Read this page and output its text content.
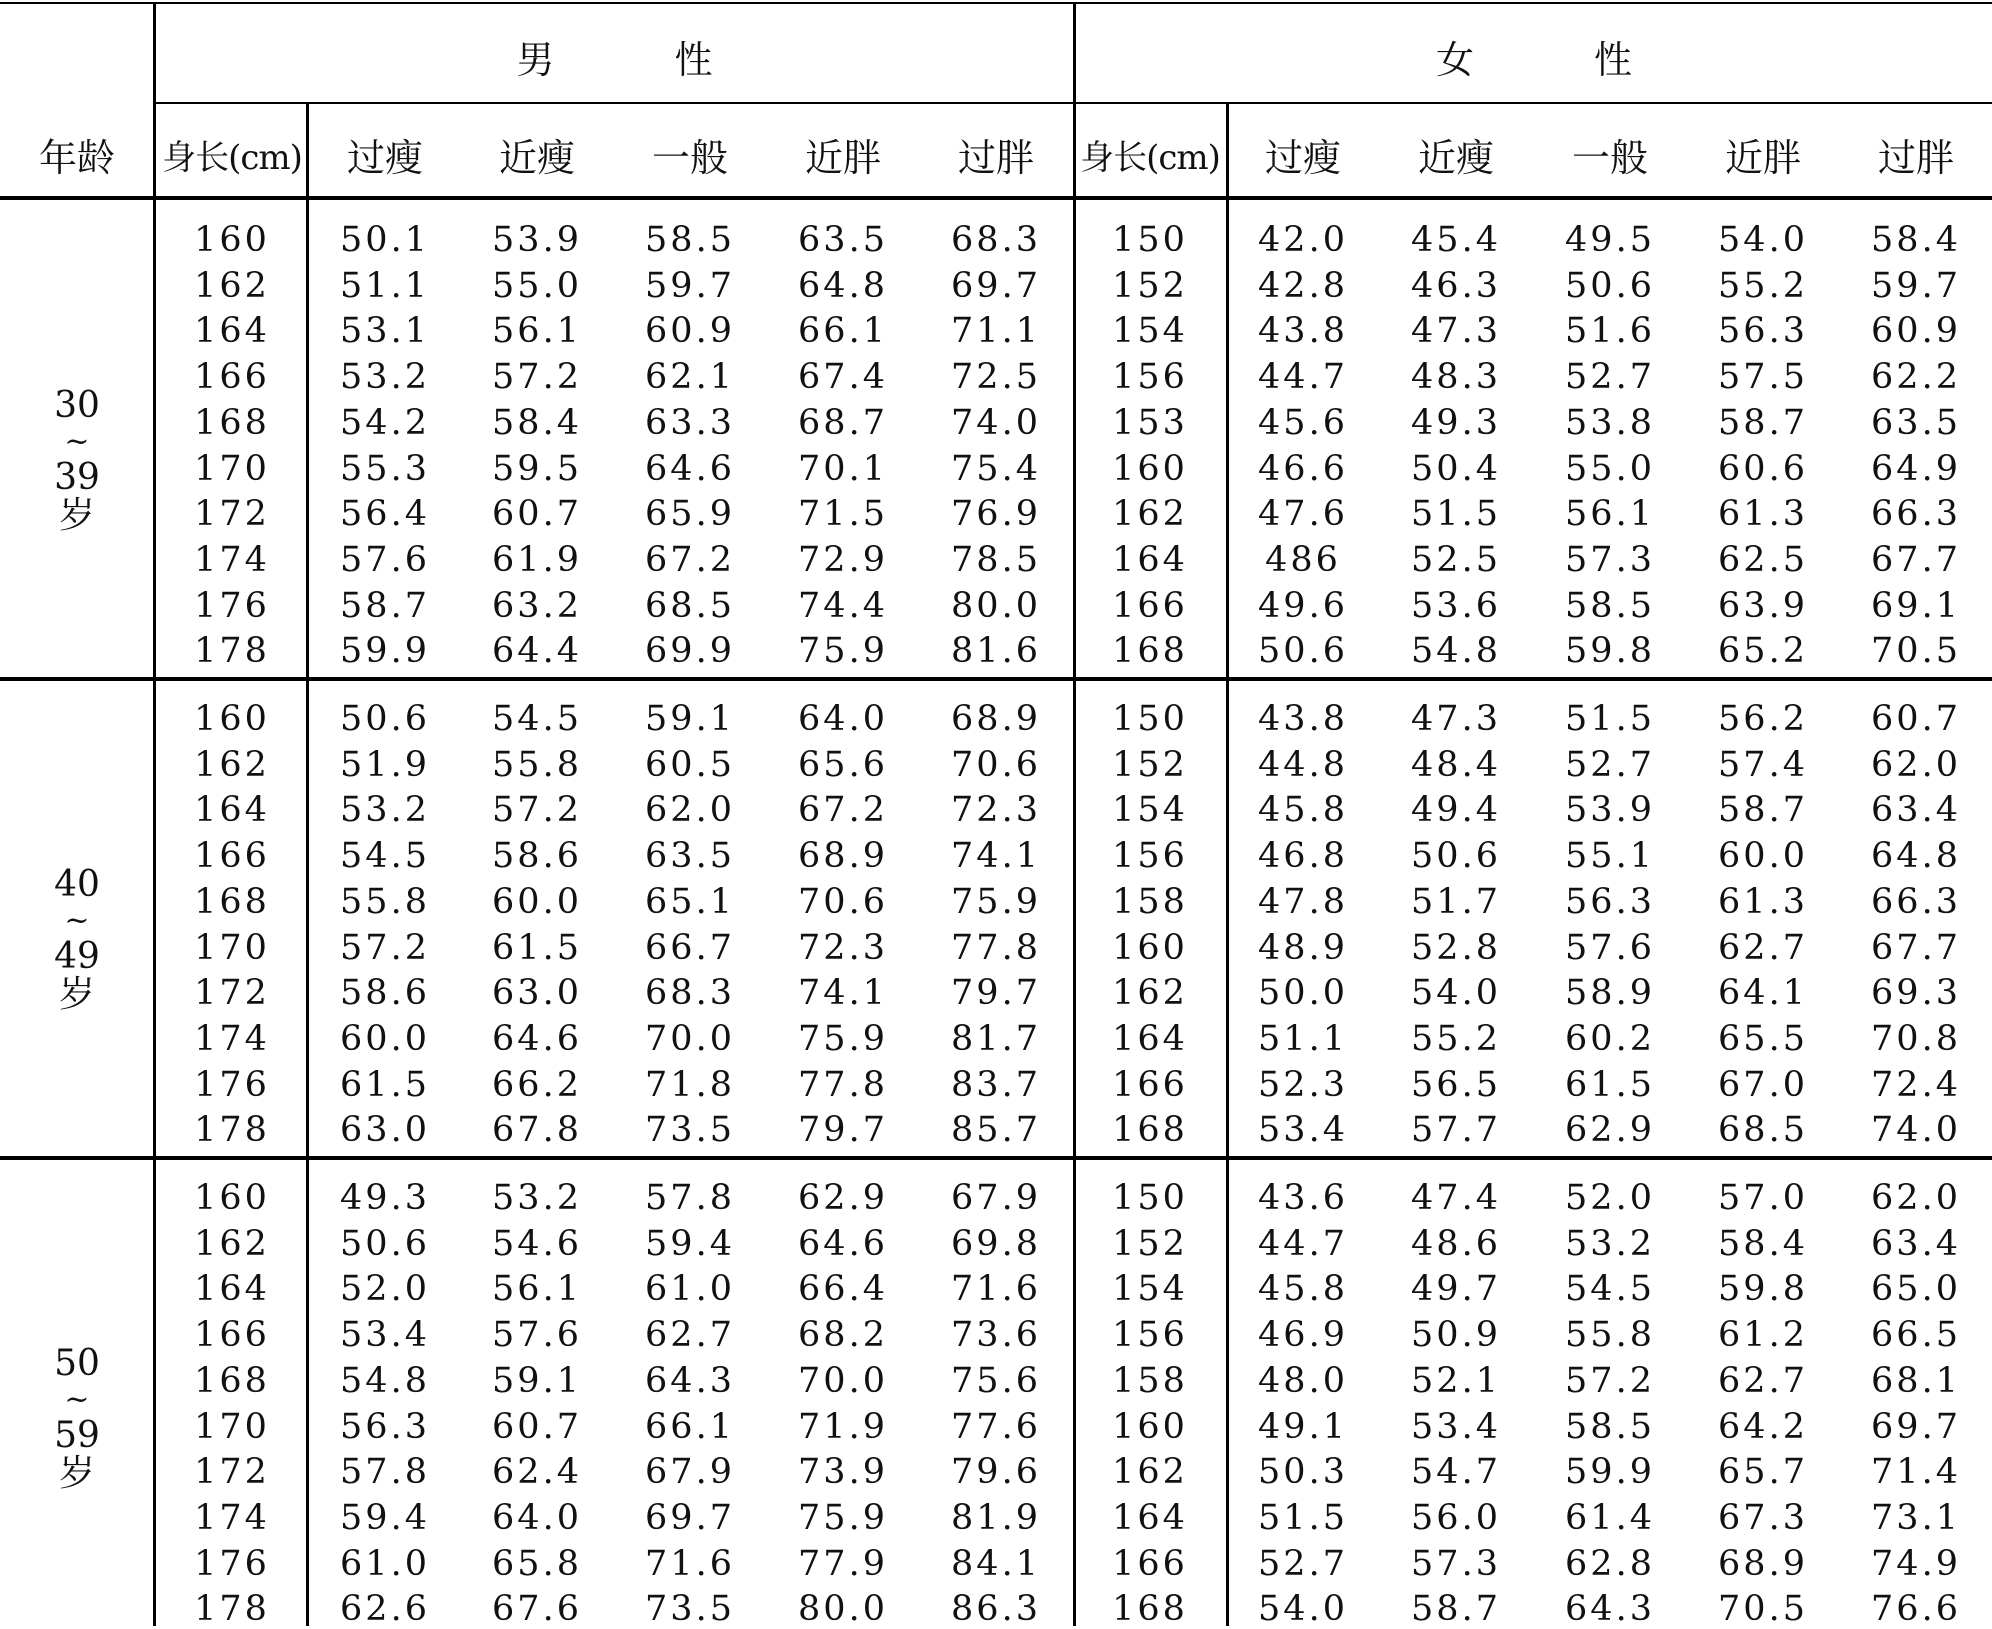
男	性	女	性
年龄	身长(cm)	过瘦	近瘦	一般	近胖	过胖	身长(cm)	过瘦	近瘦	一般	近胖	过胖
30
~
39
岁
160	50.1	53.9	58.5	63.5	68.3	150	42.0	45.4	49.5	54.0	58.4
162	51.1	55.0	59.7	64.8	69.7	152	42.8	46.3	50.6	55.2	59.7
164	53.1	56.1	60.9	66.1	71.1	154	43.8	47.3	51.6	56.3	60.9
166	53.2	57.2	62.1	67.4	72.5	156	44.7	48.3	52.7	57.5	62.2
168	54.2	58.4	63.3	68.7	74.0	153	45.6	49.3	53.8	58.7	63.5
170	55.3	59.5	64.6	70.1	75.4	160	46.6	50.4	55.0	60.6	64.9
172	56.4	60.7	65.9	71.5	76.9	162	47.6	51.5	56.1	61.3	66.3
174	57.6	61.9	67.2	72.9	78.5	164	486	52.5	57.3	62.5	67.7
176	58.7	63.2	68.5	74.4	80.0	166	49.6	53.6	58.5	63.9	69.1
178	59.9	64.4	69.9	75.9	81.6	168	50.6	54.8	59.8	65.2	70.5
40
~
49
岁
160	50.6	54.5	59.1	64.0	68.9	150	43.8	47.3	51.5	56.2	60.7
162	51.9	55.8	60.5	65.6	70.6	152	44.8	48.4	52.7	57.4	62.0
164	53.2	57.2	62.0	67.2	72.3	154	45.8	49.4	53.9	58.7	63.4
166	54.5	58.6	63.5	68.9	74.1	156	46.8	50.6	55.1	60.0	64.8
168	55.8	60.0	65.1	70.6	75.9	158	47.8	51.7	56.3	61.3	66.3
170	57.2	61.5	66.7	72.3	77.8	160	48.9	52.8	57.6	62.7	67.7
172	58.6	63.0	68.3	74.1	79.7	162	50.0	54.0	58.9	64.1	69.3
174	60.0	64.6	70.0	75.9	81.7	164	51.1	55.2	60.2	65.5	70.8
176	61.5	66.2	71.8	77.8	83.7	166	52.3	56.5	61.5	67.0	72.4
178	63.0	67.8	73.5	79.7	85.7	168	53.4	57.7	62.9	68.5	74.0
50
~
59
岁
160	49.3	53.2	57.8	62.9	67.9	150	43.6	47.4	52.0	57.0	62.0
162	50.6	54.6	59.4	64.6	69.8	152	44.7	48.6	53.2	58.4	63.4
164	52.0	56.1	61.0	66.4	71.6	154	45.8	49.7	54.5	59.8	65.0
166	53.4	57.6	62.7	68.2	73.6	156	46.9	50.9	55.8	61.2	66.5
168	54.8	59.1	64.3	70.0	75.6	158	48.0	52.1	57.2	62.7	68.1
170	56.3	60.7	66.1	71.9	77.6	160	49.1	53.4	58.5	64.2	69.7
172	57.8	62.4	67.9	73.9	79.6	162	50.3	54.7	59.9	65.7	71.4
174	59.4	64.0	69.7	75.9	81.9	164	51.5	56.0	61.4	67.3	73.1
176	61.0	65.8	71.6	77.9	84.1	166	52.7	57.3	62.8	68.9	74.9
178	62.6	67.6	73.5	80.0	86.3	168	54.0	58.7	64.3	70.5	76.6
